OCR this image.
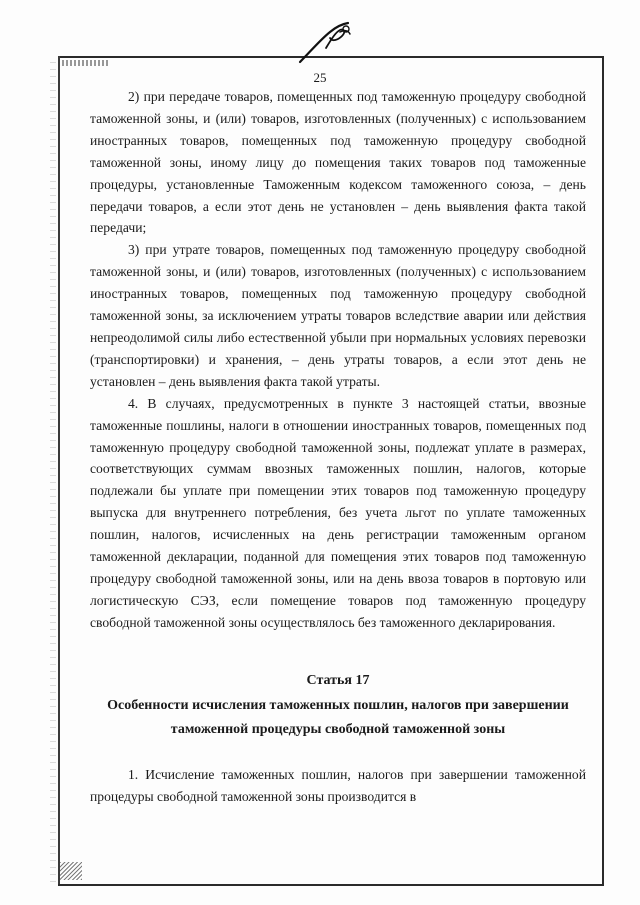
25

2) при передаче товаров, помещенных под таможенную процедуру свободной таможенной зоны, и (или) товаров, изготовленных (полученных) с использованием иностранных товаров, помещенных под таможенную процедуру свободной таможенной зоны, иному лицу до помещения таких товаров под таможенные процедуры, установленные Таможенным кодексом таможенного союза, – день передачи товаров, а если этот день не установлен – день выявления факта такой передачи;

3) при утрате товаров, помещенных под таможенную процедуру свободной таможенной зоны, и (или) товаров, изготовленных (полученных) с использованием иностранных товаров, помещенных под таможенную процедуру свободной таможенной зоны, за исключением утраты товаров вследствие аварии или действия непреодолимой силы либо естественной убыли при нормальных условиях перевозки (транспортировки) и хранения, – день утраты товаров, а если этот день не установлен – день выявления факта такой утраты.

4. В случаях, предусмотренных в пункте 3 настоящей статьи, ввозные таможенные пошлины, налоги в отношении иностранных товаров, помещенных под таможенную процедуру свободной таможенной зоны, подлежат уплате в размерах, соответствующих суммам ввозных таможенных пошлин, налогов, которые подлежали бы уплате при помещении этих товаров под таможенную процедуру выпуска для внутреннего потребления, без учета льгот по уплате таможенных пошлин, налогов, исчисленных на день регистрации таможенным органом таможенной декларации, поданной для помещения этих товаров под таможенную процедуру свободной таможенной зоны, или на день ввоза товаров в портовую или логистическую СЭЗ, если помещение товаров под таможенную процедуру свободной таможенной зоны осуществлялось без таможенного декларирования.

Статья 17
Особенности исчисления таможенных пошлин, налогов при завершении таможенной процедуры свободной таможенной зоны

1. Исчисление таможенных пошлин, налогов при завершении таможенной процедуры свободной таможенной зоны производится в
